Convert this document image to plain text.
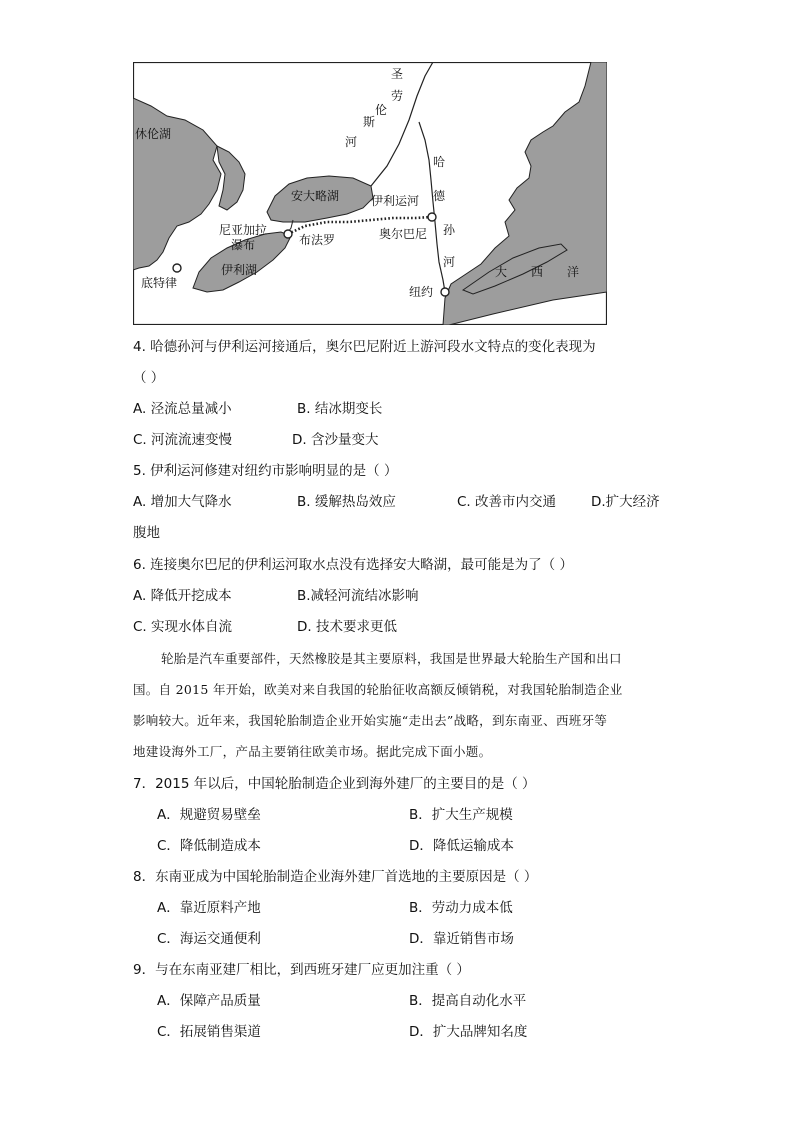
休伦湖
安大略湖
伊利湖
尼亚加拉
瀑布
底特律
布法罗
伊利运河
奥尔巴尼
纽约
大 西 洋
圣
劳
伦
斯
河
哈
德
孙
河
4. 哈德孙河与伊利运河接通后，奥尔巴尼附近上游河段水文特点的变化表现为
（ ）
A. 泾流总量减小	B. 结冰期变长
C. 河流流速变慢	D. 含沙量变大
5. 伊利运河修建对纽约市影响明显的是（ ）
A. 增加大气降水	B. 缓解热岛效应	C. 改善市内交通	D.扩大经济
腹地
6. 连接奥尔巴尼的伊利运河取水点没有选择安大略湖，最可能是为了（ ）
A. 降低开挖成本	B.减轻河流结冰影响
C. 实现水体自流	D. 技术要求更低
轮胎是汽车重要部件，天然橡胶是其主要原料，我国是世界最大轮胎生产国和出口
国。自 2015 年开始，欧美对来自我国的轮胎征收高额反倾销税，对我国轮胎制造企业
影响较大。近年来，我国轮胎制造企业开始实施“走出去”战略，到东南亚、西班牙等
地建设海外工厂，产品主要销往欧美市场。据此完成下面小题。
7．2015 年以后，中国轮胎制造企业到海外建厂的主要目的是（ ）
A．规避贸易壁垒	B．扩大生产规模
C．降低制造成本	D．降低运输成本
8．东南亚成为中国轮胎制造企业海外建厂首选地的主要原因是（ ）
A．靠近原料产地	B．劳动力成本低
C．海运交通便利	D．靠近销售市场
9．与在东南亚建厂相比，到西班牙建厂应更加注重（ ）
A．保障产品质量	B．提高自动化水平
C．拓展销售渠道	D．扩大品牌知名度
